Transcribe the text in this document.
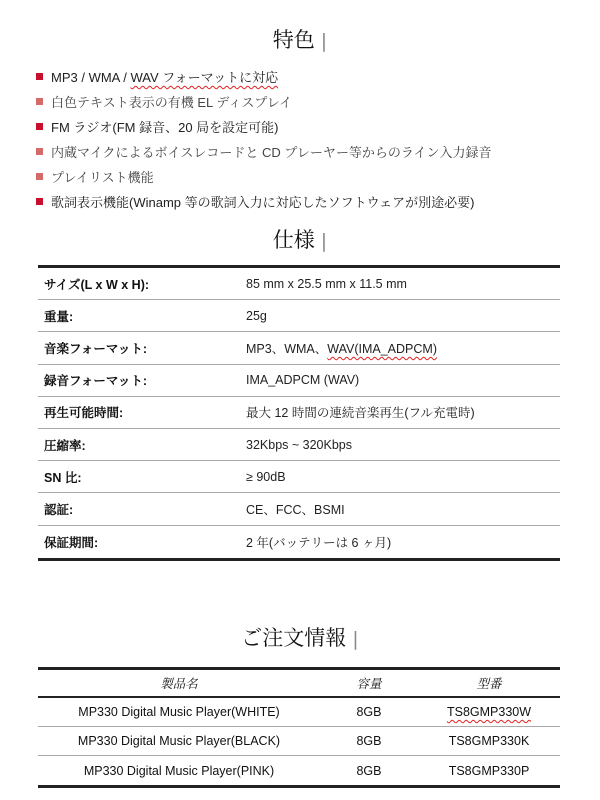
特色 |
MP3 / WMA / WAV フォーマットに対応
白色テキスト表示の有機 EL ディスプレイ
FM ラジオ(FM 録音、20 局を設定可能)
内蔵マイクによるボイスレコードと CD プレーヤー等からのライン入力録音
プレイリスト機能
歌詞表示機能(Winamp 等の歌詞入力に対応したソフトウェアが別途必要)
仕様 |
サイズ(L x W x H):	85 mm x 25.5 mm x 11.5 mm
重量:	25g
音楽フォーマット:	MP3、WMA、WAV(IMA_ADPCM)
録音フォーマット:	IMA_ADPCM (WAV)
再生可能時間:	最大 12 時間の連続音楽再生(フル充電時)
圧縮率:	32Kbps ~ 320Kbps
SN 比:	≥ 90dB
認証:	CE、FCC、BSMI
保証期間:	2 年(バッテリーは 6 ヶ月)
ご注文情報 |
製品名	容量	型番
MP330 Digital Music Player(WHITE)	8GB	TS8GMP330W
MP330 Digital Music Player(BLACK)	8GB	TS8GMP330K
MP330 Digital Music Player(PINK)	8GB	TS8GMP330P
